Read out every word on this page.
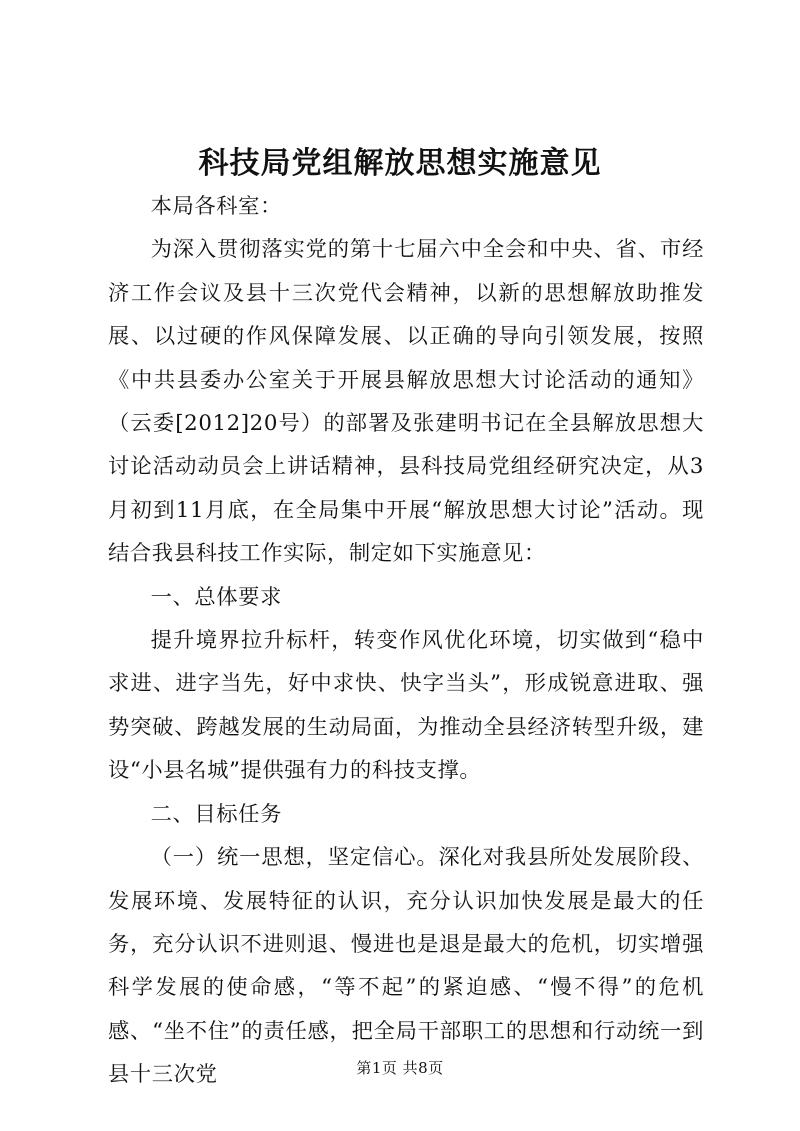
科技局党组解放思想实施意见

本局各科室：

为深入贯彻落实党的第十七届六中全会和中央、省、市经济工作会议及县十三次党代会精神，以新的思想解放助推发展、以过硬的作风保障发展、以正确的导向引领发展，按照《中共县委办公室关于开展县解放思想大讨论活动的通知》（云委[2012]20号）的部署及张建明书记在全县解放思想大讨论活动动员会上讲话精神，县科技局党组经研究决定，从3月初到11月底，在全局集中开展“解放思想大讨论”活动。现结合我县科技工作实际，制定如下实施意见：

一、总体要求

提升境界拉升标杆，转变作风优化环境，切实做到“稳中求进、进字当先，好中求快、快字当头”，形成锐意进取、强势突破、跨越发展的生动局面，为推动全县经济转型升级，建设“小县名城”提供强有力的科技支撑。

二、目标任务

（一）统一思想，坚定信心。深化对我县所处发展阶段、发展环境、发展特征的认识，充分认识加快发展是最大的任务，充分认识不进则退、慢进也是退是最大的危机，切实增强科学发展的使命感，“等不起”的紧迫感、“慢不得”的危机感、“坐不住”的责任感，把全局干部职工的思想和行动统一到县十三次党	第1页 共8页
